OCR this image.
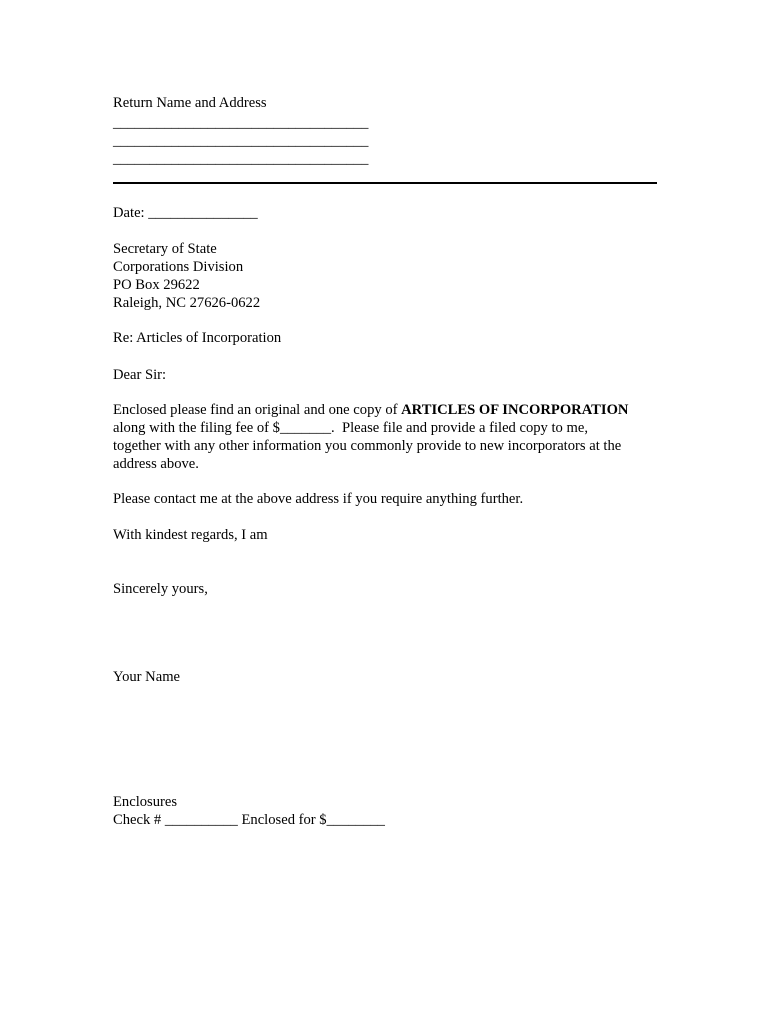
Return Name and Address
___________________________________
___________________________________
___________________________________
Date: _______________
Secretary of State
Corporations Division
PO Box 29622
Raleigh, NC 27626-0622
Re: Articles of Incorporation
Dear Sir:
Enclosed please find an original and one copy of ARTICLES OF INCORPORATION
along with the filing fee of $_______.  Please file and provide a filed copy to me,
together with any other information you commonly provide to new incorporators at the
address above.
Please contact me at the above address if you require anything further.
With kindest regards, I am
Sincerely yours,
Your Name
Enclosures
Check # __________ Enclosed for $________
